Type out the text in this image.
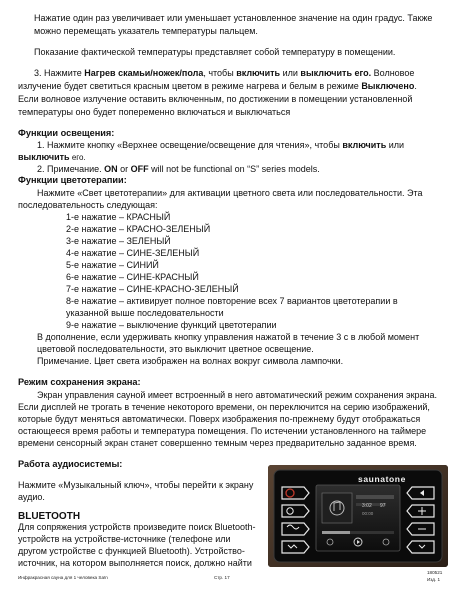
Нажатие один раз увеличивает или уменьшает установленное значение на один градус. Также
можно перемещать указатель температуры пальцем.
Показание фактической температуры представляет собой температуру в помещении.
3. Нажмите Нагрев скамьи/ножек/пола, чтобы включить или выключить его. Волновое
излучение будет светиться красным цветом в режиме нагрева и белым в режиме Выключено.
Если волновое излучение оставить включенным, по достижении в помещении установленной
температуры оно будет попеременно включаться и выключаться
Функции освещения:
1. Нажмите кнопку «Верхнее освещение/освещение для чтения», чтобы включить или
выключить его.
2. Примечание. ON or OFF will not be functional on “S” series models.
Функции цветотерапии:
Нажмите «Свет цветотерапии» для активации цветного света или последовательности. Эта
последовательность следующая:
1-е нажатие – КРАСНЫЙ
2-е нажатие – КРАСНО-ЗЕЛЕНЫЙ
3-е нажатие – ЗЕЛЕНЫЙ
4-е нажатие – СИНЕ-ЗЕЛЕНЫЙ
5-е нажатие – СИНИЙ
6-е нажатие – СИНЕ-КРАСНЫЙ
7-е нажатие – СИНЕ-КРАСНО-ЗЕЛЕНЫЙ
8-е нажатие – активирует полное повторение всех 7 вариантов цветотерапии в
указанной выше последовательности
9-е нажатие – выключение функций цветотерапии
В дополнение, если удерживать кнопку управления нажатой в течение 3 с в любой момент
цветовой последовательности, это выключит цветное освещение.
Примечание. Цвет света изображен на волнах вокруг символа лампочки.
Режим сохранения экрана:
Экран управления сауной имеет встроенный в него автоматический режим сохранения экрана.
Если дисплей не трогать в течение некоторого времени, он переключится на серию изображений,
которые будут меняться автоматически. Поверх изображения по-прежнему будут отображаться
остающееся время работы и температура помещения. По истечении установленного на таймере
времени сенсорный экран станет совершенно темным через предварительно заданное время.
Работа аудиосистемы:
Нажмите «Музыкальный ключ», чтобы перейти к экрану
аудио.
BLUETOOTH
Для сопряжения устройств произведите поиск Bluetooth-
устройств на устройстве-источнике (телефоне или
другом устройстве с функцией Bluetooth). Устройство-
источник, на котором выполняется поиск, должно найти
saunatone
3:02 97
00:00
Инфракрасная сауна для 1 человека Sa!n	Стр. 17
180521
Изд. 1
